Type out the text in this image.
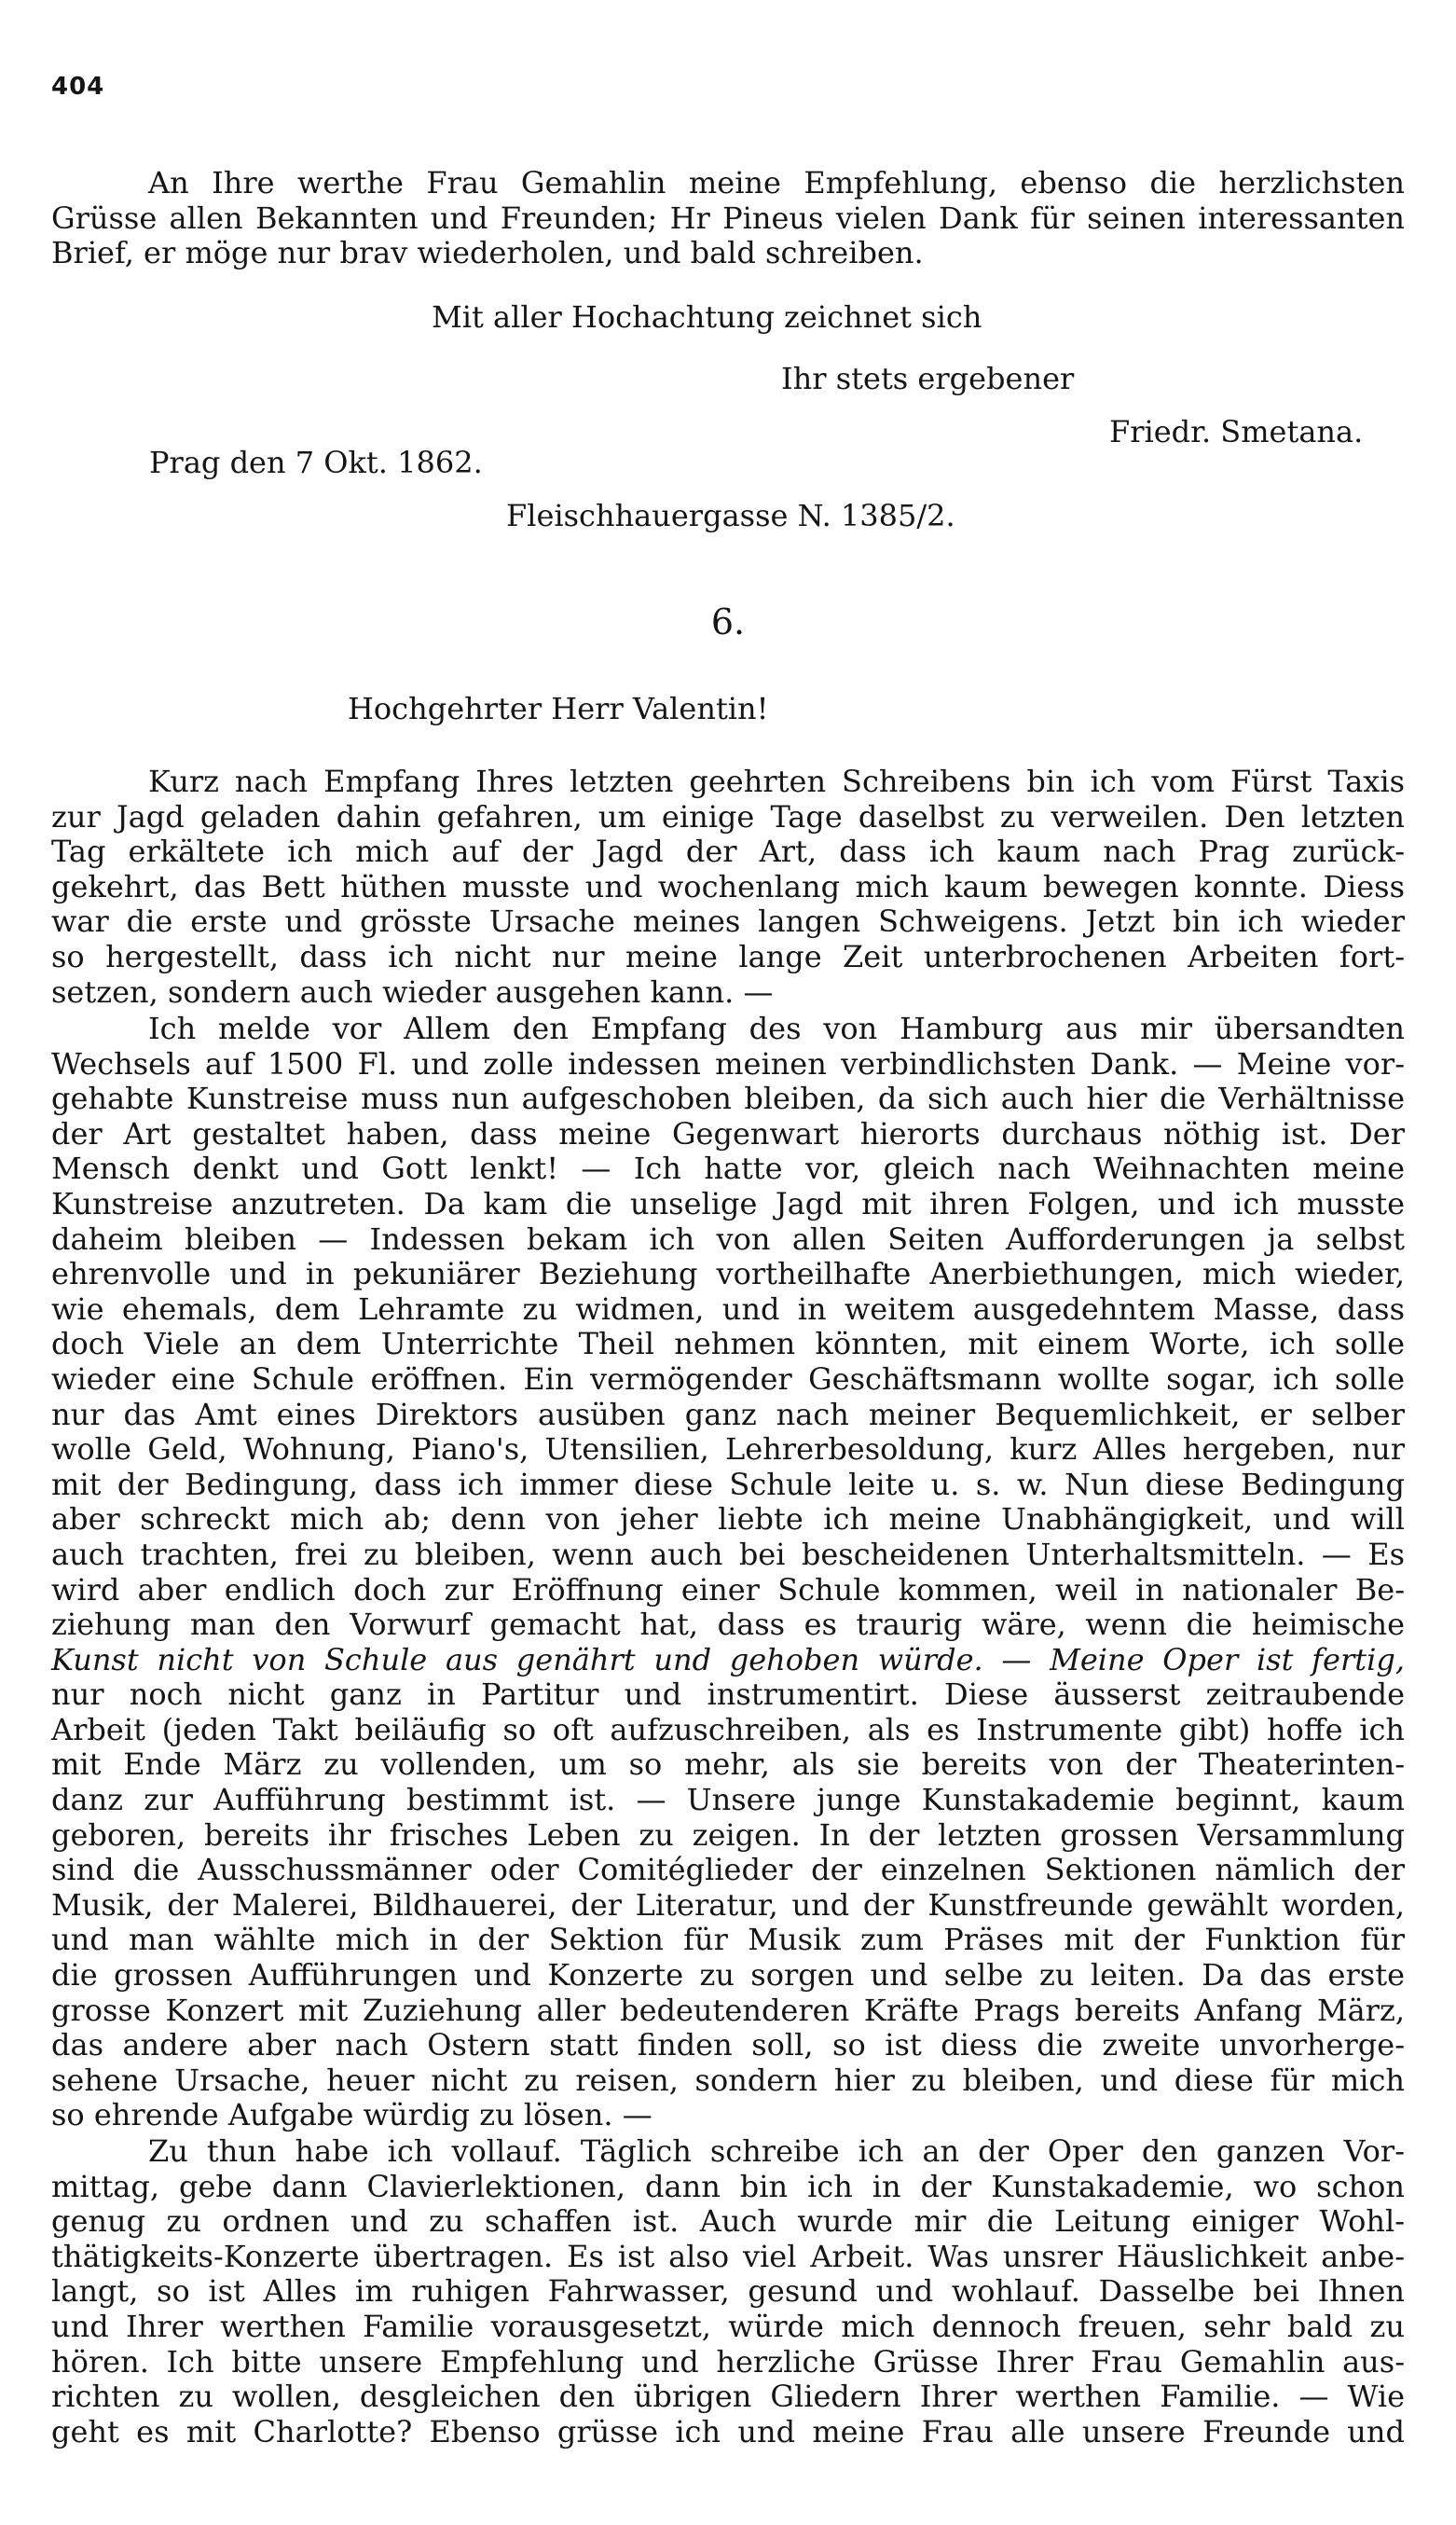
404
An Ihre werthe Frau Gemahlin meine Empfehlung, ebenso die herzlichsten
Grüsse allen Bekannten und Freunden; Hr Pineus vielen Dank für seinen interessanten
Brief, er möge nur brav wiederholen, und bald schreiben.
Mit aller Hochachtung zeichnet sich
Ihr stets ergebener
Friedr. Smetana.
Prag den 7 Okt. 1862.
Fleischhauergasse N. 1385/2.
6.
Hochgehrter Herr Valentin!
Kurz nach Empfang Ihres letzten geehrten Schreibens bin ich vom Fürst Taxis
zur Jagd geladen dahin gefahren, um einige Tage daselbst zu verweilen. Den letzten
Tag erkältete ich mich auf der Jagd der Art, dass ich kaum nach Prag zurück-
gekehrt, das Bett hüthen musste und wochenlang mich kaum bewegen konnte. Diess
war die erste und grösste Ursache meines langen Schweigens. Jetzt bin ich wieder
so hergestellt, dass ich nicht nur meine lange Zeit unterbrochenen Arbeiten fort-
setzen, sondern auch wieder ausgehen kann. —
Ich melde vor Allem den Empfang des von Hamburg aus mir übersandten
Wechsels auf 1500 Fl. und zolle indessen meinen verbindlichsten Dank. — Meine vor-
gehabte Kunstreise muss nun aufgeschoben bleiben, da sich auch hier die Verhältnisse
der Art gestaltet haben, dass meine Gegenwart hierorts durchaus nöthig ist. Der
Mensch denkt und Gott lenkt! — Ich hatte vor, gleich nach Weihnachten meine
Kunstreise anzutreten. Da kam die unselige Jagd mit ihren Folgen, und ich musste
daheim bleiben — Indessen bekam ich von allen Seiten Aufforderungen ja selbst
ehrenvolle und in pekuniärer Beziehung vortheilhafte Anerbiethungen, mich wieder,
wie ehemals, dem Lehramte zu widmen, und in weitem ausgedehntem Masse, dass
doch Viele an dem Unterrichte Theil nehmen könnten, mit einem Worte, ich solle
wieder eine Schule eröffnen. Ein vermögender Geschäftsmann wollte sogar, ich solle
nur das Amt eines Direktors ausüben ganz nach meiner Bequemlichkeit, er selber
wolle Geld, Wohnung, Piano's, Utensilien, Lehrerbesoldung, kurz Alles hergeben, nur
mit der Bedingung, dass ich immer diese Schule leite u. s. w. Nun diese Bedingung
aber schreckt mich ab; denn von jeher liebte ich meine Unabhängigkeit, und will
auch trachten, frei zu bleiben, wenn auch bei bescheidenen Unterhaltsmitteln. — Es
wird aber endlich doch zur Eröffnung einer Schule kommen, weil in nationaler Be-
ziehung man den Vorwurf gemacht hat, dass es traurig wäre, wenn die heimische
Kunst nicht von Schule aus genährt und gehoben würde. — Meine Oper ist fertig,
nur noch nicht ganz in Partitur und instrumentirt. Diese äusserst zeitraubende
Arbeit (jeden Takt beiläufig so oft aufzuschreiben, als es Instrumente gibt) hoffe ich
mit Ende März zu vollenden, um so mehr, als sie bereits von der Theaterinten-
danz zur Aufführung bestimmt ist. — Unsere junge Kunstakademie beginnt, kaum
geboren, bereits ihr frisches Leben zu zeigen. In der letzten grossen Versammlung
sind die Ausschussmänner oder Comitéglieder der einzelnen Sektionen nämlich der
Musik, der Malerei, Bildhauerei, der Literatur, und der Kunstfreunde gewählt worden,
und man wählte mich in der Sektion für Musik zum Präses mit der Funktion für
die grossen Aufführungen und Konzerte zu sorgen und selbe zu leiten. Da das erste
grosse Konzert mit Zuziehung aller bedeutenderen Kräfte Prags bereits Anfang März,
das andere aber nach Ostern statt finden soll, so ist diess die zweite unvorherge-
sehene Ursache, heuer nicht zu reisen, sondern hier zu bleiben, und diese für mich
so ehrende Aufgabe würdig zu lösen. —
Zu thun habe ich vollauf. Täglich schreibe ich an der Oper den ganzen Vor-
mittag, gebe dann Clavierlektionen, dann bin ich in der Kunstakademie, wo schon
genug zu ordnen und zu schaffen ist. Auch wurde mir die Leitung einiger Wohl-
thätigkeits-Konzerte übertragen. Es ist also viel Arbeit. Was unsrer Häuslichkeit anbe-
langt, so ist Alles im ruhigen Fahrwasser, gesund und wohlauf. Dasselbe bei Ihnen
und Ihrer werthen Familie vorausgesetzt, würde mich dennoch freuen, sehr bald zu
hören. Ich bitte unsere Empfehlung und herzliche Grüsse Ihrer Frau Gemahlin aus-
richten zu wollen, desgleichen den übrigen Gliedern Ihrer werthen Familie. — Wie
geht es mit Charlotte? Ebenso grüsse ich und meine Frau alle unsere Freunde und
